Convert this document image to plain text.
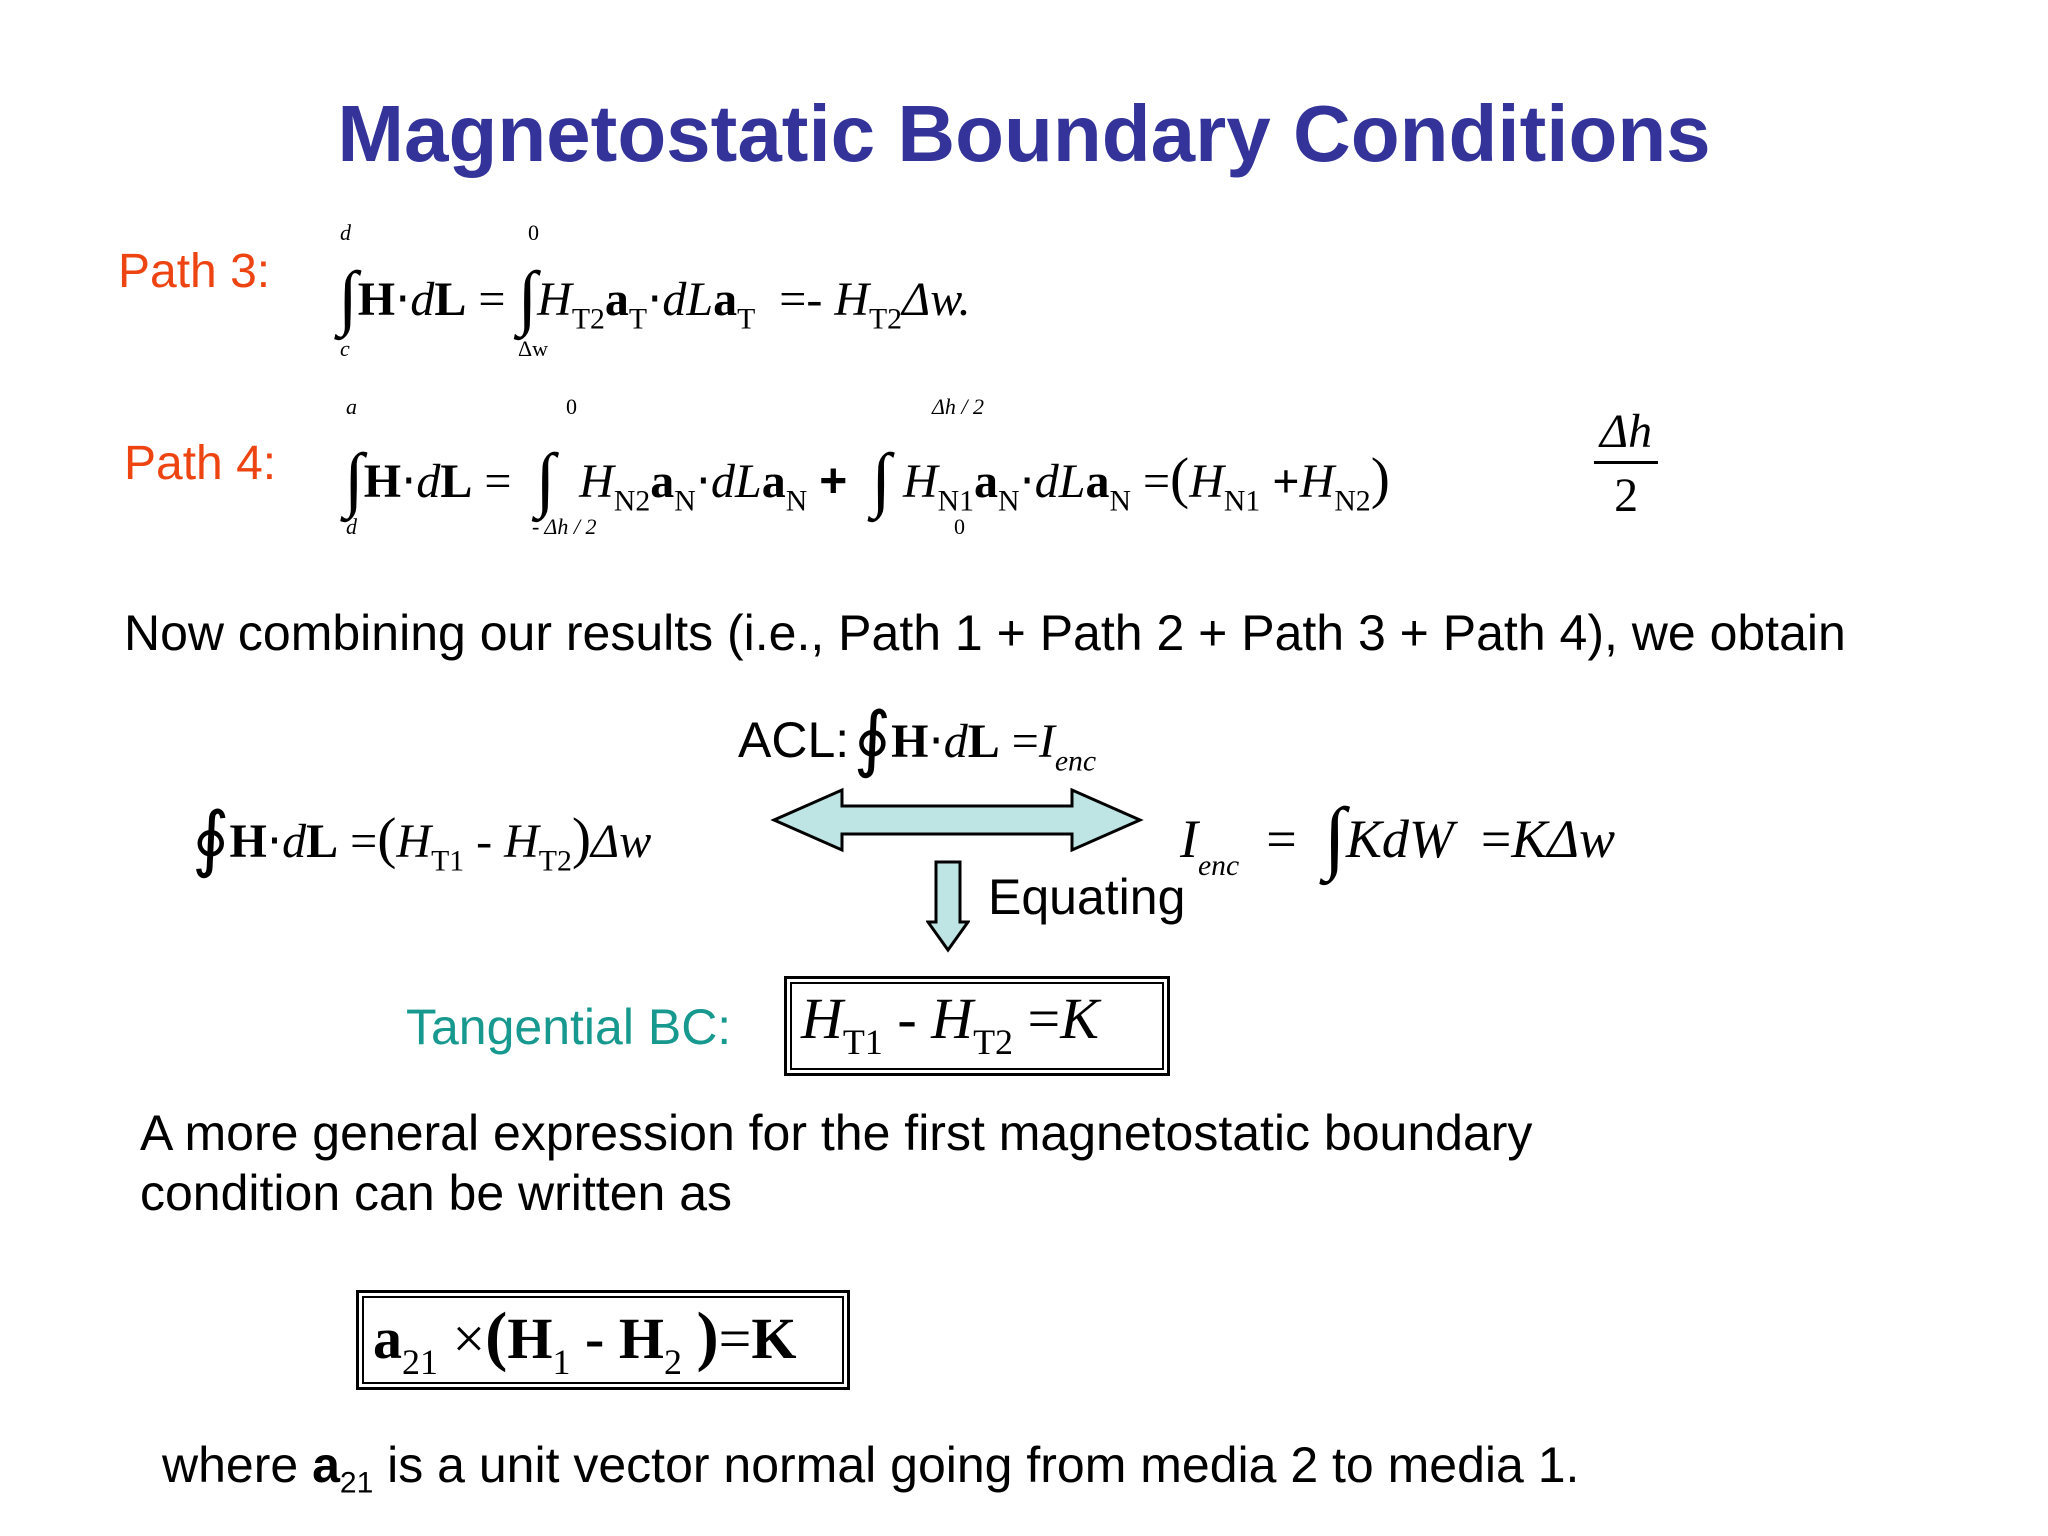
Magnetostatic Boundary Conditions
Path 3:
d
c
0
Δw
$\int H\cdot dL = \int H_{T2}a_T\cdot dLa_T =- H_{T2}\Delta w$.
Path 4:
a
d
0
- Δh / 2
Δh / 2
0
∫H⋅dL = ∫ $H_{N2}a_N\cdot dLa_N$ + ∫ $H_{N1}a_N\cdot dLa_N =(H_{N1} +H_{N2})$	$\frac{\Delta h}{2}$
Now combining our results (i.e., Path 1 + Path 2 + Path 3 + Path 4), we obtain
ACL: ∮H⋅dL $=I_{enc}$
∮H⋅dL $=(H_{T1} - H_{T2})\Delta w$	$I_{enc} = \int KdW =K\Delta w$
Equating
Tangential BC: $H_{T1} - H_{T2} =K$
A more general expression for the first magnetostatic boundary
condition can be written as
$a_{21} \times(H_1 - H_2$ )=K
where $a_{21}$ is a unit vector normal going from media 2 to media 1.
